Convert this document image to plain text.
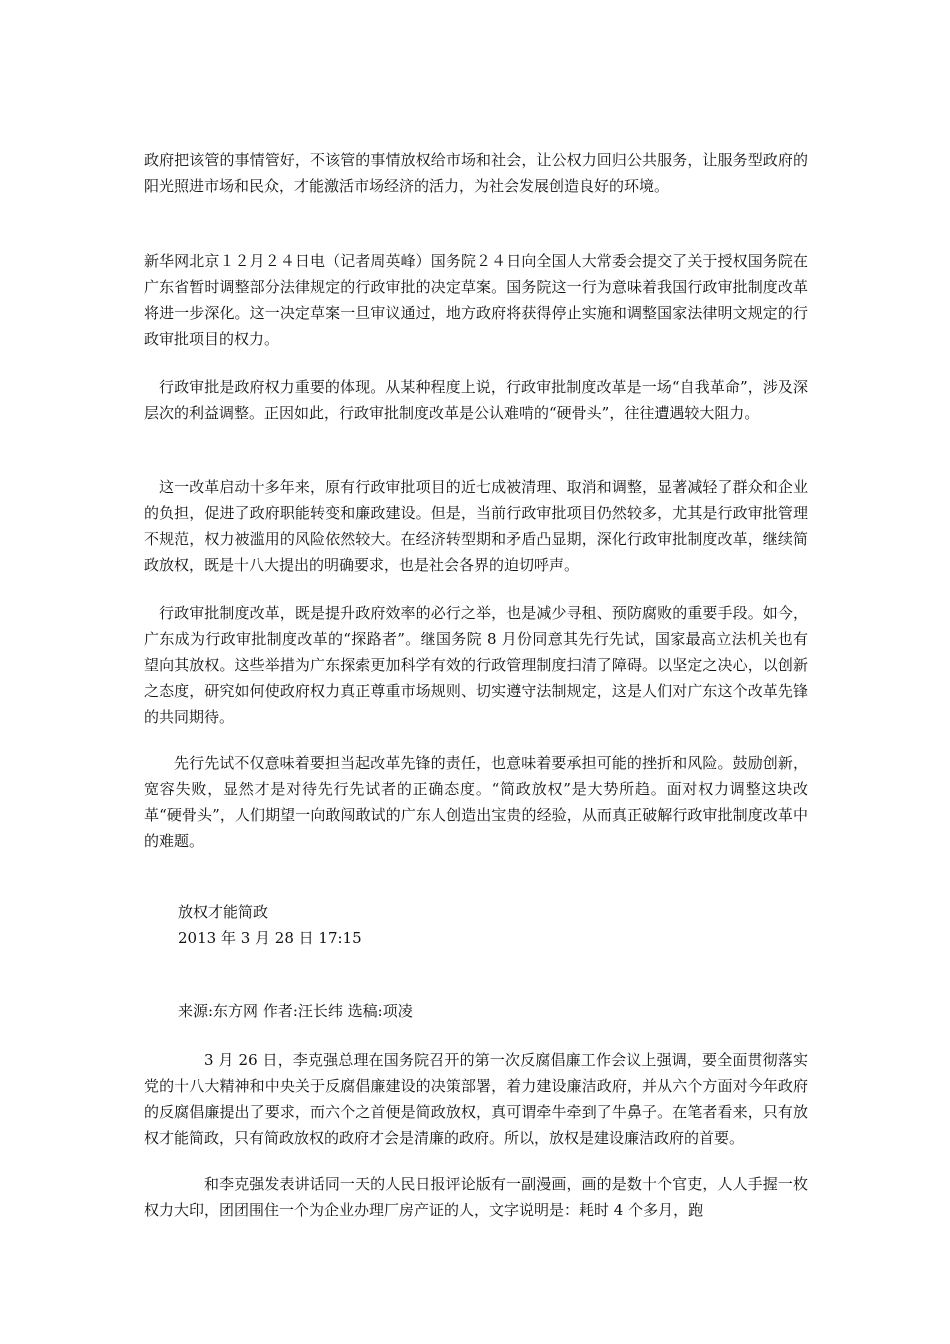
政府把该管的事情管好，不该管的事情放权给市场和社会，让公权力回归公共服务，让服务型政府的阳光照进市场和民众，才能激活市场经济的活力，为社会发展创造良好的环境。

新华网北京１２月２４日电（记者周英峰）国务院２４日向全国人大常委会提交了关于授权国务院在广东省暂时调整部分法律规定的行政审批的决定草案。国务院这一行为意味着我国行政审批制度改革将进一步深化。这一决定草案一旦审议通过，地方政府将获得停止实施和调整国家法律明文规定的行政审批项目的权力。

行政审批是政府权力重要的体现。从某种程度上说，行政审批制度改革是一场“自我革命”，涉及深层次的利益调整。正因如此，行政审批制度改革是公认难啃的“硬骨头”，往往遭遇较大阻力。

这一改革启动十多年来，原有行政审批项目的近七成被清理、取消和调整，显著减轻了群众和企业的负担，促进了政府职能转变和廉政建设。但是，当前行政审批项目仍然较多，尤其是行政审批管理不规范，权力被滥用的风险依然较大。在经济转型期和矛盾凸显期，深化行政审批制度改革，继续简政放权，既是十八大提出的明确要求，也是社会各界的迫切呼声。

行政审批制度改革，既是提升政府效率的必行之举，也是减少寻租、预防腐败的重要手段。如今，广东成为行政审批制度改革的“探路者”。继国务院 8 月份同意其先行先试，国家最高立法机关也有望向其放权。这些举措为广东探索更加科学有效的行政管理制度扫清了障碍。以坚定之决心，以创新之态度，研究如何使政府权力真正尊重市场规则、切实遵守法制规定，这是人们对广东这个改革先锋的共同期待。

先行先试不仅意味着要担当起改革先锋的责任，也意味着要承担可能的挫折和风险。鼓励创新，宽容失败，显然才是对待先行先试者的正确态度。“简政放权”是大势所趋。面对权力调整这块改革“硬骨头”，人们期望一向敢闯敢试的广东人创造出宝贵的经验，从而真正破解行政审批制度改革中的难题。

放权才能简政
2013 年 3 月 28 日 17:15
来源:东方网 作者:汪长纬 选稿:项凌

3 月 26 日，李克强总理在国务院召开的第一次反腐倡廉工作会议上强调，要全面贯彻落实党的十八大精神和中央关于反腐倡廉建设的决策部署，着力建设廉洁政府，并从六个方面对今年政府的反腐倡廉提出了要求，而六个之首便是简政放权，真可谓牵牛牵到了牛鼻子。在笔者看来，只有放权才能简政，只有简政放权的政府才会是清廉的政府。所以，放权是建设廉洁政府的首要。

和李克强发表讲话同一天的人民日报评论版有一副漫画，画的是数十个官吏，人人手握一枚权力大印，团团围住一个为企业办理厂房产证的人，文字说明是：耗时 4 个多月，跑
